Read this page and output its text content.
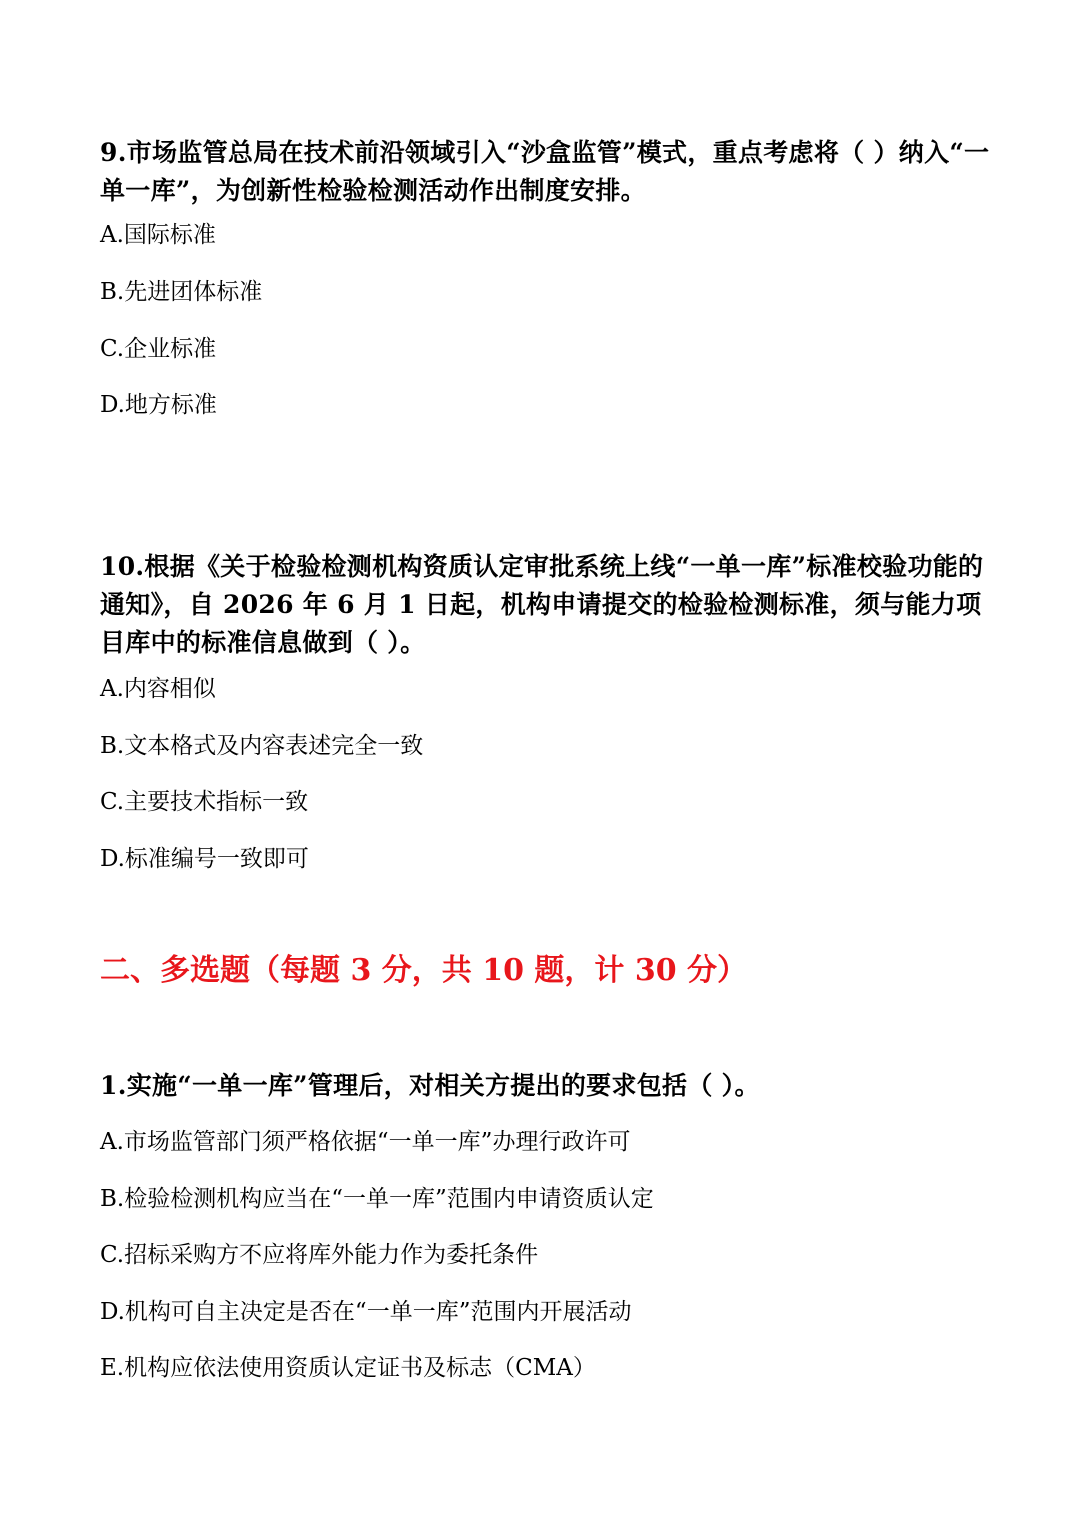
9.市场监管总局在技术前沿领域引入“沙盒监管”模式，重点考虑将（ ）纳入“一单一库”，为创新性检验检测活动作出制度安排。

A.国际标准

B.先进团体标准

C.企业标准

D.地方标准

10.根据《关于检验检测机构资质认定审批系统上线“一单一库”标准校验功能的通知》，自 2026 年 6 月 1 日起，机构申请提交的检验检测标准，须与能力项目库中的标准信息做到（ ）。

A.内容相似

B.文本格式及内容表述完全一致

C.主要技术指标一致

D.标准编号一致即可

二、多选题（每题 3 分，共 10 题，计 30 分）

1.实施“一单一库”管理后，对相关方提出的要求包括（ ）。

A.市场监管部门须严格依据“一单一库”办理行政许可

B.检验检测机构应当在“一单一库”范围内申请资质认定

C.招标采购方不应将库外能力作为委托条件

D.机构可自主决定是否在“一单一库”范围内开展活动

E.机构应依法使用资质认定证书及标志（CMA）
